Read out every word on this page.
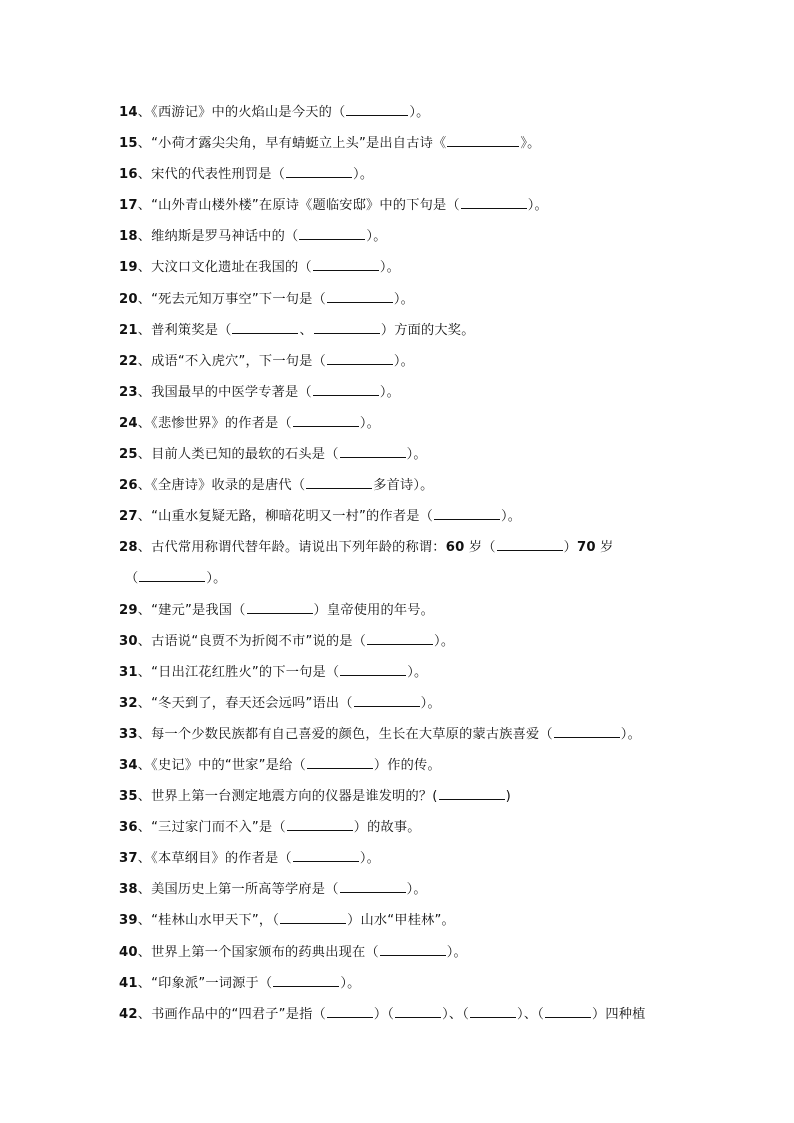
14、《西游记》中的火焰山是今天的（	）。
15、“小荷才露尖尖角，早有蜻蜓立上头”是出自古诗《	》。
16、宋代的代表性刑罚是（	）。
17、“山外青山楼外楼”在原诗《题临安邸》中的下句是（	）。
18、维纳斯是罗马神话中的（	）。
19、大汶口文化遗址在我国的（	）。
20、“死去元知万事空”下一句是（	）。
21、普利策奖是（	、	）方面的大奖。
22、成语“不入虎穴”，下一句是（	）。
23、我国最早的中医学专著是（	）。
24、《悲惨世界》的作者是（	）。
25、目前人类已知的最软的石头是（	）。
26、《全唐诗》收录的是唐代（	多首诗）。
27、“山重水复疑无路，柳暗花明又一村”的作者是（	）。
28、古代常用称谓代替年龄。请说出下列年龄的称谓：60 岁（	）70 岁
（	）。
29、“建元”是我国（	）皇帝使用的年号。
30、古语说“良贾不为折阅不市”说的是（	）。
31、“日出江花红胜火”的下一句是（	）。
32、“冬天到了，春天还会远吗”语出（	）。
33、每一个少数民族都有自己喜爱的颜色，生长在大草原的蒙古族喜爱（	）。
34、《史记》中的“世家”是给（	）作的传。
35、世界上第一台测定地震方向的仪器是谁发明的？(	)
36、“三过家门而不入”是（	）的故事。
37、《本草纲目》的作者是（	）。
38、美国历史上第一所高等学府是（	）。
39、“桂林山水甲天下”，（	）山水“甲桂林”。
40、世界上第一个国家颁布的药典出现在（	）。
41、“印象派”一词源于（	）。
42、书画作品中的“四君子”是指（	）（	）、（	）、（	）四种植
